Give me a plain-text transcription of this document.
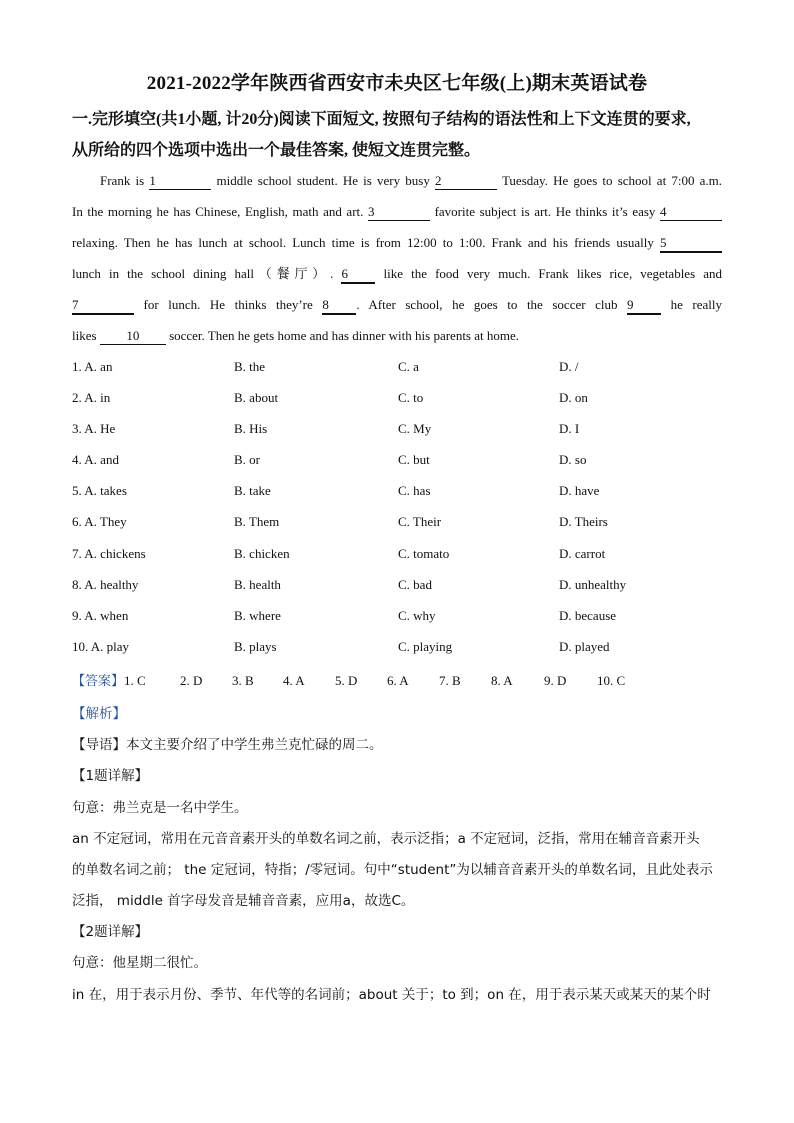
2021-2022学年陕西省西安市未央区七年级(上)期末英语试卷
一.完形填空(共1小题, 计20分)阅读下面短文, 按照句子结构的语法性和上下文连贯的要求,
从所给的四个选项中选出一个最佳答案, 使短文连贯完整。
Frank is 1	middle school student. He is very busy 2	Tuesday. He goes to school at 7:00 a.m.
In the morning he has Chinese, English, math and art. 3	favorite subject is art. He thinks it’s easy 4
relaxing. Then he has lunch at school. Lunch time is from 12:00 to 1:00. Frank and his friends usually 5
lunch in the school dining hall（餐厅）. 6 like the food very much. Frank likes rice, vegetables and
7	for lunch. He thinks they’re 8 . After school, he goes to the soccer club 9 he really
likes 10 soccer. Then he gets home and has dinner with his parents at home.
1. A. an	B. the	C. a	D. /
2. A. in	B. about	C. to	D. on
3. A. He	B. His	C. My	D. I
4. A. and	B. or	C. but	D. so
5. A. takes	B. take	C. has	D. have
6. A. They	B. Them	C. Their	D. Theirs
7. A. chickens	B. chicken	C. tomato	D. carrot
8. A. healthy	B. health	C. bad	D. unhealthy
9. A. when	B. where	C. why	D. because
10. A. play	B. plays	C. playing	D. played
【答案】1. C	2. D 3. B 4. A 5. D 6. A 7. B 8. A 9. D 10. C
【解析】
【导语】本文主要介绍了中学生弗兰克忙碌的周二。
【1题详解】
句意：弗兰克是一名中学生。
an 不定冠词，常用在元音音素开头的单数名词之前，表示泛指；a 不定冠词，泛指，常用在辅音音素开头
的单数名词之前； the 定冠词，特指；/零冠词。句中“student”为以辅音音素开头的单数名词，且此处表示
泛指， middle 首字母发音是辅音音素，应用a，故选C。
【2题详解】
句意：他星期二很忙。
in 在，用于表示月份、季节、年代等的名词前；about 关于；to 到；on 在，用于表示某天或某天的某个时
